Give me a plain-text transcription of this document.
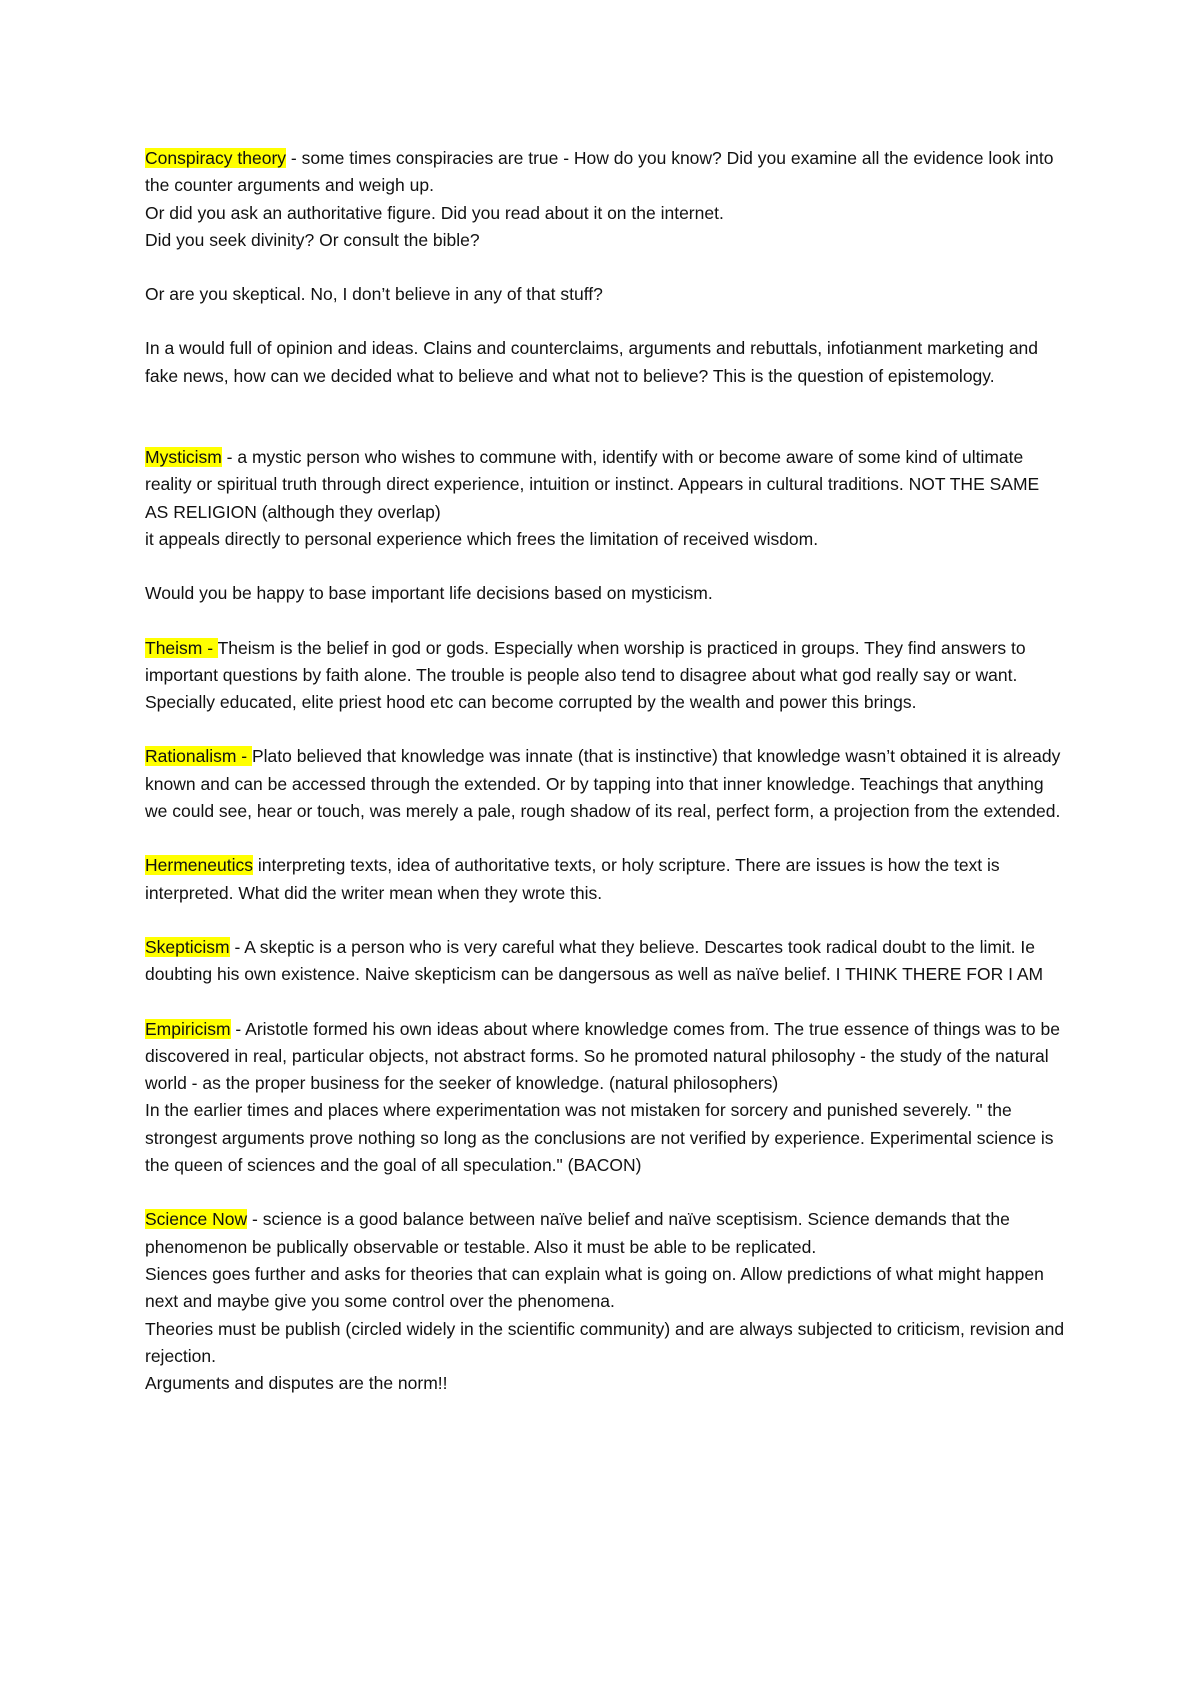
Conspiracy theory - some times conspiracies are true - How do you know? Did you examine all the evidence look into the counter arguments and weigh up.
Or did you ask an authoritative figure. Did you read about it on the internet.
Did you seek divinity? Or consult the bible?

Or are you skeptical. No, I don’t believe in any of that stuff?

In a would full of opinion and ideas. Clains and counterclaims, arguments and rebuttals, infotianment marketing and fake news, how can we decided what to believe and what not to believe? This is the question of epistemology.

Mysticism - a mystic person who wishes to commune with, identify with or become aware of some kind of ultimate reality or spiritual truth through direct experience, intuition or instinct. Appears in cultural traditions. NOT THE SAME AS RELIGION (although they overlap)
it appeals directly to personal experience which frees the limitation of received wisdom.

Would you be happy to base important life decisions based on mysticism.

Theism - Theism is the belief in god or gods. Especially when worship is practiced in groups. They find answers to important questions by faith alone. The trouble is people also tend to disagree about what god really say or want. Specially educated, elite priest hood etc can become corrupted by the wealth and power this brings.

Rationalism - Plato believed that knowledge was innate (that is instinctive) that knowledge wasn’t obtained it is already known and can be accessed through the extended. Or by tapping into that inner knowledge. Teachings that anything we could see, hear or touch, was merely a pale, rough shadow of its real, perfect form, a projection from the extended.

Hermeneutics interpreting texts, idea of authoritative texts, or holy scripture. There are issues is how the text is interpreted. What did the writer mean when they wrote this.

Skepticism - A skeptic is a person who is very careful what they believe. Descartes took radical doubt to the limit. Ie doubting his own existence. Naive skepticism can be dangersous as well as naïve belief. I THINK THERE FOR I AM

Empiricism - Aristotle formed his own ideas about where knowledge comes from. The true essence of things was to be discovered in real, particular objects, not abstract forms. So he promoted natural philosophy - the study of the natural world - as the proper business for the seeker of knowledge. (natural philosophers)
In the earlier times and places where experimentation was not mistaken for sorcery and punished severely. " the strongest arguments prove nothing so long as the conclusions are not verified by experience. Experimental science is the queen of sciences and the goal of all speculation." (BACON)

Science Now - science is a good balance between naïve belief and naïve sceptisism. Science demands that the phenomenon be publically observable or testable. Also it must be able to be replicated.
Siences goes further and asks for theories that can explain what is going on. Allow predictions of what might happen next and maybe give you some control over the phenomena.
Theories must be publish (circled widely in the scientific community) and are always subjected to criticism, revision and rejection.
Arguments and disputes are the norm!!
